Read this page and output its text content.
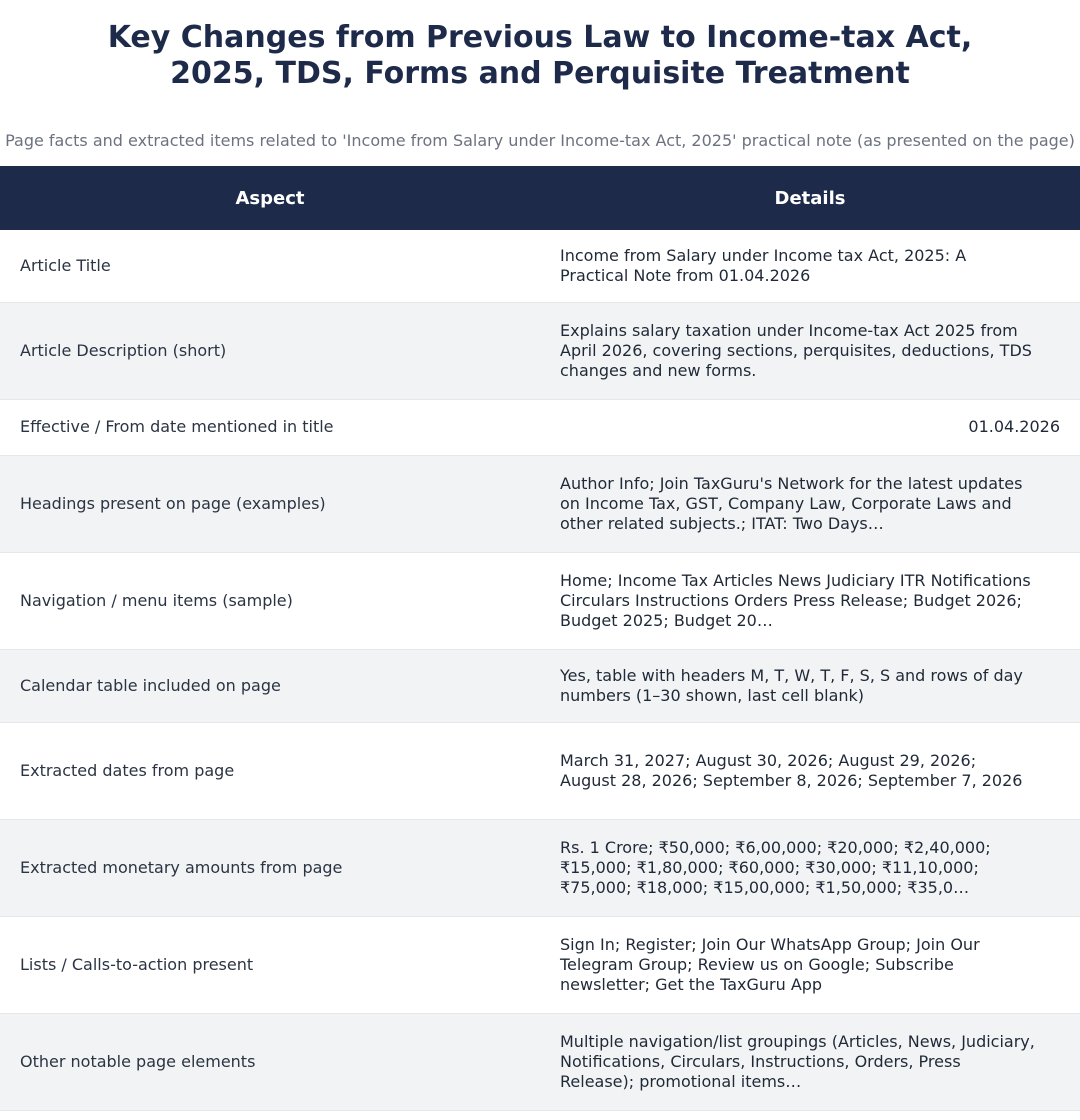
Key Changes from Previous Law to Income-tax Act,
2025, TDS, Forms and Perquisite Treatment

Page facts and extracted items related to 'Income from Salary under Income-tax Act, 2025' practical note (as presented on the page)

Aspect	Details
Article Title	Income from Salary under Income tax Act, 2025: A Practical Note from 01.04.2026
Article Description (short)	Explains salary taxation under Income-tax Act 2025 from April 2026, covering sections, perquisites, deductions, TDS changes and new forms.
Effective / From date mentioned in title	01.04.2026
Headings present on page (examples)	Author Info; Join TaxGuru's Network for the latest updates on Income Tax, GST, Company Law, Corporate Laws and other related subjects.; ITAT: Two Days…
Navigation / menu items (sample)	Home; Income Tax Articles News Judiciary ITR Notifications Circulars Instructions Orders Press Release; Budget 2026; Budget 2025; Budget 20…
Calendar table included on page	Yes, table with headers M, T, W, T, F, S, S and rows of day numbers (1–30 shown, last cell blank)
Extracted dates from page	March 31, 2027; August 30, 2026; August 29, 2026; August 28, 2026; September 8, 2026; September 7, 2026
Extracted monetary amounts from page	Rs. 1 Crore; ₹50,000; ₹6,00,000; ₹20,000; ₹2,40,000; ₹15,000; ₹1,80,000; ₹60,000; ₹30,000; ₹11,10,000; ₹75,000; ₹18,000; ₹15,00,000; ₹1,50,000; ₹35,0…
Lists / Calls-to-action present	Sign In; Register; Join Our WhatsApp Group; Join Our Telegram Group; Review us on Google; Subscribe newsletter; Get the TaxGuru App
Other notable page elements	Multiple navigation/list groupings (Articles, News, Judiciary, Notifications, Circulars, Instructions, Orders, Press Release); promotional items…
